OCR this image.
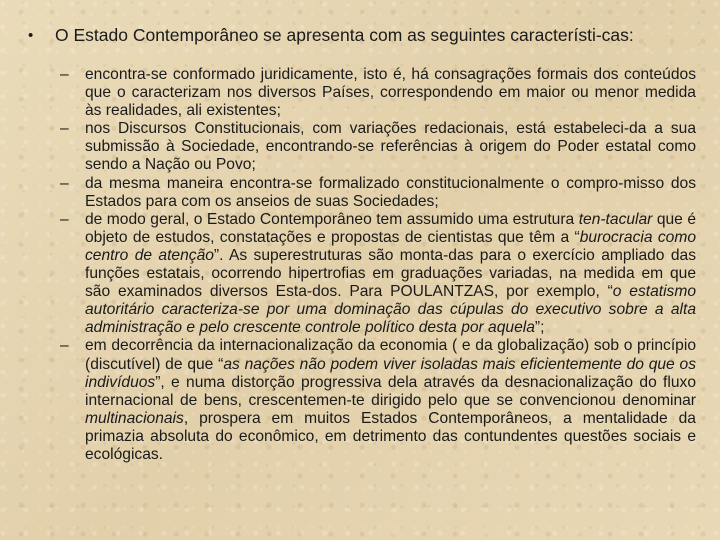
• O Estado Contemporâneo se apresenta com as seguintes característi-cas:
– encontra-se conformado juridicamente, isto é, há consagrações formais dos conteúdos que o caracterizam nos diversos Países, correspondendo em maior ou menor medida às realidades, ali existentes;
– nos Discursos Constitucionais, com variações redacionais, está estabeleci-da a sua submissão à Sociedade, encontrando-se referências à origem do Poder estatal como sendo a Nação ou Povo;
– da mesma maneira encontra-se formalizado constitucionalmente o compro-misso dos Estados para com os anseios de suas Sociedades;
– de modo geral, o Estado Contemporâneo tem assumido uma estrutura ten-tacular que é objeto de estudos, constatações e propostas de cientistas que têm a “burocracia como centro de atenção”. As superestruturas são monta-das para o exercício ampliado das funções estatais, ocorrendo hipertrofias em graduações variadas, na medida em que são examinados diversos Esta-dos. Para POULANTZAS, por exemplo, “o estatismo autoritário caracteriza-se por uma dominação das cúpulas do executivo sobre a alta administração e pelo crescente controle político desta por aquela”;
– em decorrência da internacionalização da economia ( e da globalização) sob o princípio (discutível) de que “as nações não podem viver isoladas mais eficientemente do que os indivíduos”, e numa distorção progressiva dela através da desnacionalização do fluxo internacional de bens, crescentemen-te dirigido pelo que se convencionou denominar multinacionais, prospera em muitos Estados Contemporâneos, a mentalidade da primazia absoluta do econômico, em detrimento das contundentes questões sociais e ecológicas.
